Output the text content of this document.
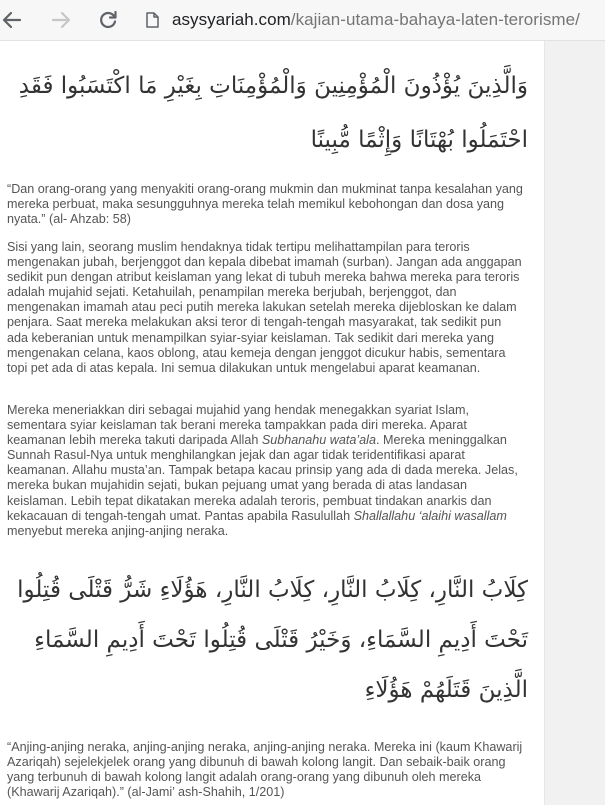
asysyariah.com/kajian-utama-bahaya-laten-terorisme/

وَالَّذِينَ يُؤْذُونَ الْمُؤْمِنِينَ وَالْمُؤْمِنَاتِ بِغَيْرِ مَا اكْتَسَبُوا فَقَدِ احْتَمَلُوا بُهْتَانًا وَإِثْمًا مُّبِينًا

“Dan orang-orang yang menyakiti orang-orang mukmin dan mukminat tanpa kesalahan yang mereka perbuat, maka sesungguhnya mereka telah memikul kebohongan dan dosa yang nyata.” (al- Ahzab: 58)

Sisi yang lain, seorang muslim hendaknya tidak tertipu melihattampilan para teroris mengenakan jubah, berjenggot dan kepala dibebat imamah (surban). Jangan ada anggapan sedikit pun dengan atribut keislaman yang lekat di tubuh mereka bahwa mereka para teroris adalah mujahid sejati. Ketahuilah, penampilan mereka berjubah, berjenggot, dan mengenakan imamah atau peci putih mereka lakukan setelah mereka dijebloskan ke dalam penjara. Saat mereka melakukan aksi teror di tengah-tengah masyarakat, tak sedikit pun ada keberanian untuk menampilkan syiar-syiar keislaman. Tak sedikit dari mereka yang mengenakan celana, kaos oblong, atau kemeja dengan jenggot dicukur habis, sementara topi pet ada di atas kepala. Ini semua dilakukan untuk mengelabui aparat keamanan.

Mereka meneriakkan diri sebagai mujahid yang hendak menegakkan syariat Islam, sementara syiar keislaman tak berani mereka tampakkan pada diri mereka. Aparat keamanan lebih mereka takuti daripada Allah Subhanahu wata’ala. Mereka meninggalkan Sunnah Rasul-Nya untuk menghilangkan jejak dan agar tidak teridentifikasi aparat keamanan. Allahu musta’an. Tampak betapa kacau prinsip yang ada di dada mereka. Jelas, mereka bukan mujahidin sejati, bukan pejuang umat yang berada di atas landasan keislaman. Lebih tepat dikatakan mereka adalah teroris, pembuat tindakan anarkis dan kekacauan di tengah-tengah umat. Pantas apabila Rasulullah Shallallahu ‘alaihi wasallam menyebut mereka anjing-anjing neraka.

كِلَابُ النَّارِ، كِلَابُ النَّارِ، كِلَابُ النَّارِ، هَؤُلَاءِ شَرُّ قَتْلَى قُتِلُوا تَحْتَ أَدِيمِ السَّمَاءِ، وَخَيْرُ قَتْلَى قُتِلُوا تَحْتَ أَدِيمِ السَّمَاءِ الَّذِينَ قَتَلَهُمْ هَؤُلَاءِ

“Anjing-anjing neraka, anjing-anjing neraka, anjing-anjing neraka. Mereka ini (kaum Khawarij Azariqah) sejelekjelek orang yang dibunuh di bawah kolong langit. Dan sebaik-baik orang yang terbunuh di bawah kolong langit adalah orang-orang yang dibunuh oleh mereka (Khawarij Azariqah).” (al-Jami’ ash-Shahih, 1/201)
